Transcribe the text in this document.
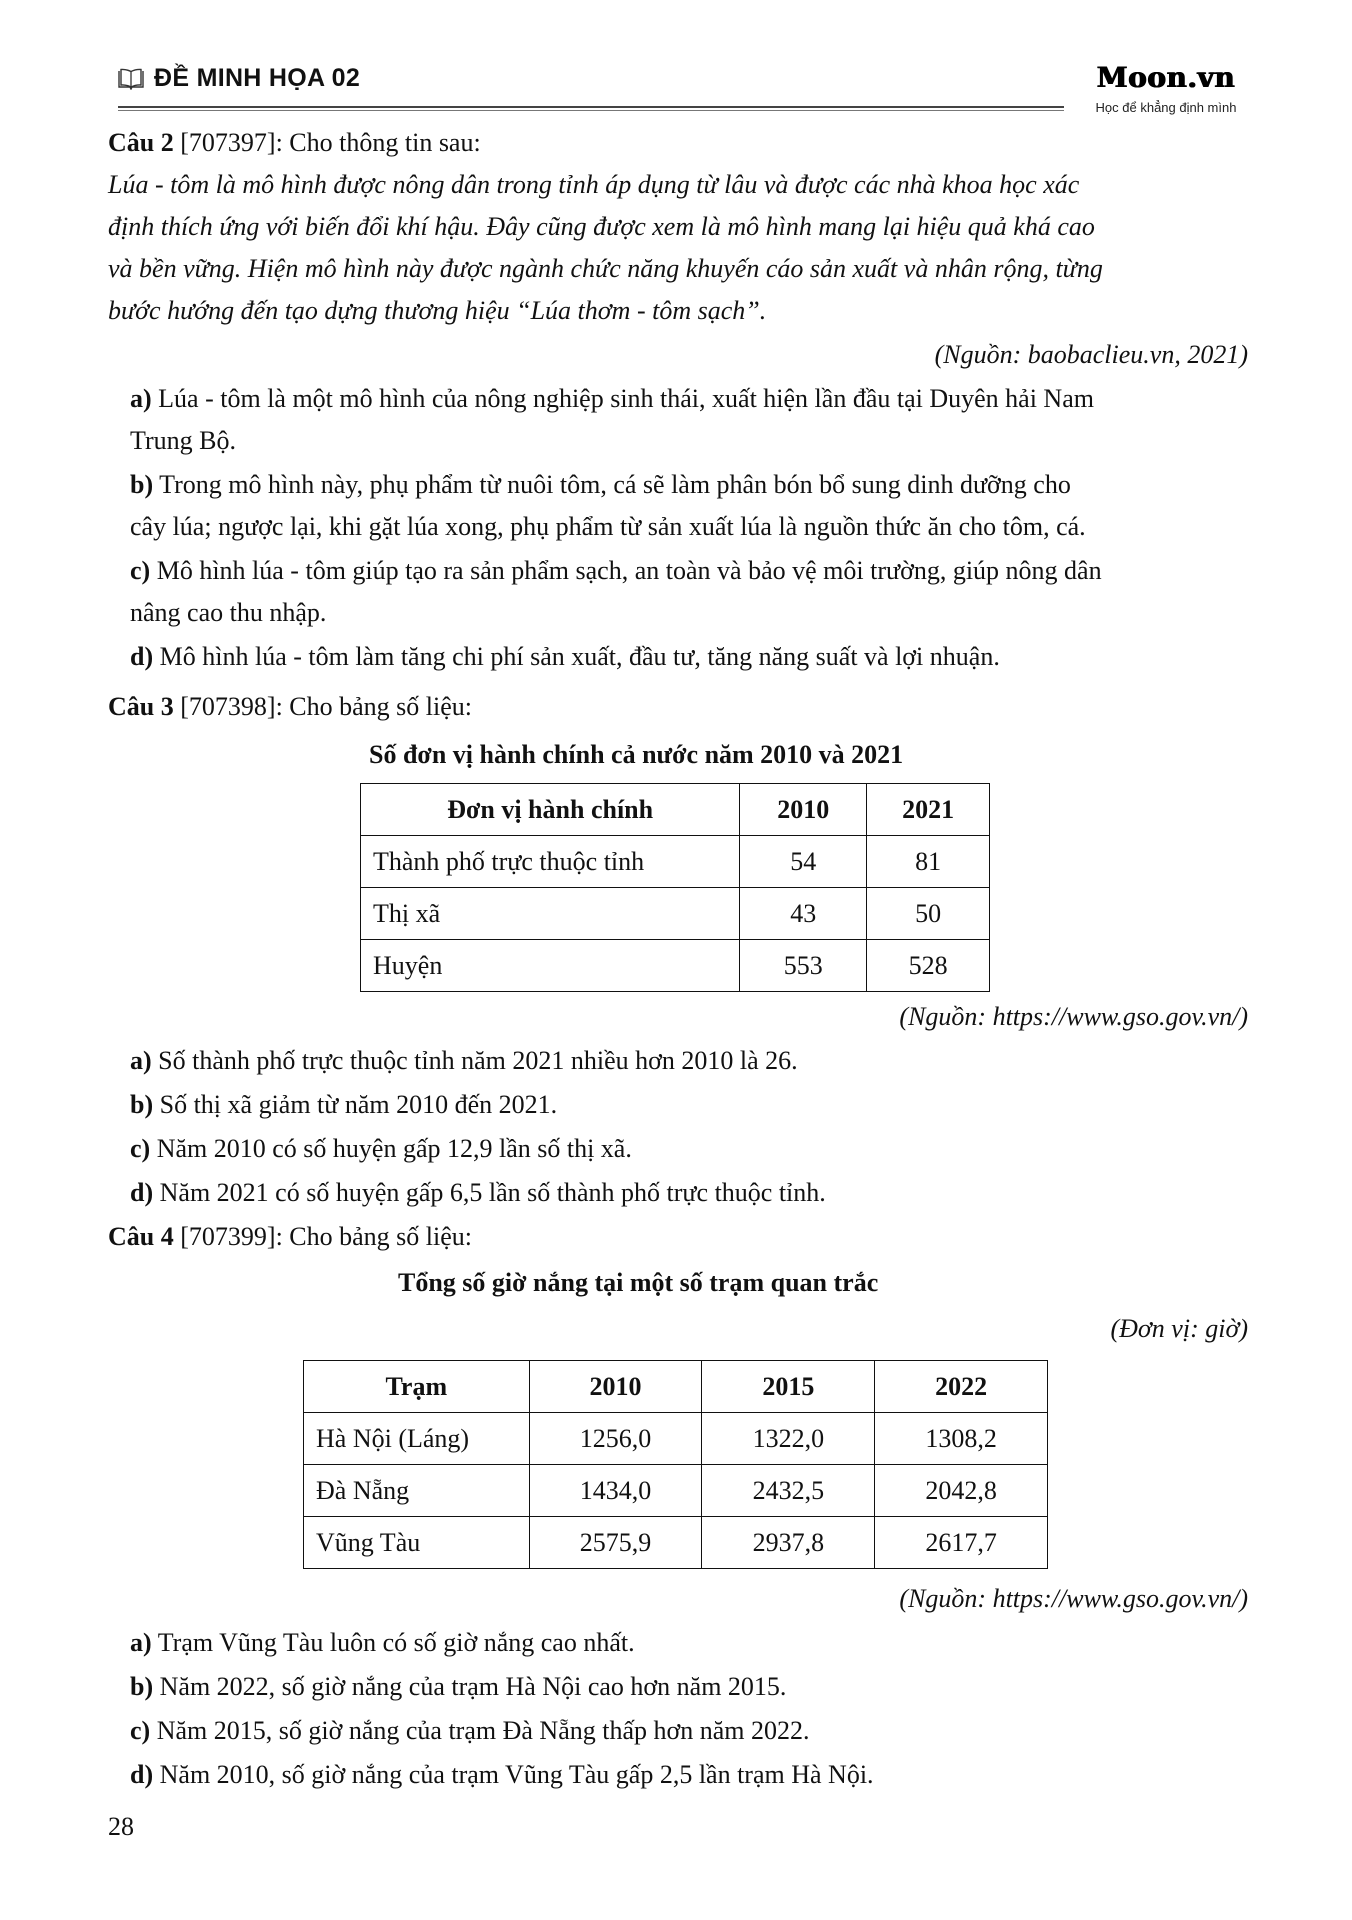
ĐỀ MINH HỌA 02	Moon.vn
Học để khẳng định mình
Câu 2 [707397]: Cho thông tin sau:
Lúa - tôm là mô hình được nông dân trong tỉnh áp dụng từ lâu và được các nhà khoa học xác
định thích ứng với biến đổi khí hậu. Đây cũng được xem là mô hình mang lại hiệu quả khá cao
và bền vững. Hiện mô hình này được ngành chức năng khuyến cáo sản xuất và nhân rộng, từng
bước hướng đến tạo dựng thương hiệu “Lúa thơm - tôm sạch”.
(Nguồn: baobaclieu.vn, 2021)
a) Lúa - tôm là một mô hình của nông nghiệp sinh thái, xuất hiện lần đầu tại Duyên hải Nam
Trung Bộ.
b) Trong mô hình này, phụ phẩm từ nuôi tôm, cá sẽ làm phân bón bổ sung dinh dưỡng cho
cây lúa; ngược lại, khi gặt lúa xong, phụ phẩm từ sản xuất lúa là nguồn thức ăn cho tôm, cá.
c) Mô hình lúa - tôm giúp tạo ra sản phẩm sạch, an toàn và bảo vệ môi trường, giúp nông dân
nâng cao thu nhập.
d) Mô hình lúa - tôm làm tăng chi phí sản xuất, đầu tư, tăng năng suất và lợi nhuận.
Câu 3 [707398]: Cho bảng số liệu:
Số đơn vị hành chính cả nước năm 2010 và 2021
Đơn vị hành chính	2010	2021
Thành phố trực thuộc tỉnh	54	81
Thị xã	43	50
Huyện	553	528
(Nguồn: https://www.gso.gov.vn/)
a) Số thành phố trực thuộc tỉnh năm 2021 nhiều hơn 2010 là 26.
b) Số thị xã giảm từ năm 2010 đến 2021.
c) Năm 2010 có số huyện gấp 12,9 lần số thị xã.
d) Năm 2021 có số huyện gấp 6,5 lần số thành phố trực thuộc tỉnh.
Câu 4 [707399]: Cho bảng số liệu:
Tổng số giờ nắng tại một số trạm quan trắc
(Đơn vị: giờ)
Trạm	2010	2015	2022
Hà Nội (Láng)	1256,0	1322,0	1308,2
Đà Nẵng	1434,0	2432,5	2042,8
Vũng Tàu	2575,9	2937,8	2617,7
(Nguồn: https://www.gso.gov.vn/)
a) Trạm Vũng Tàu luôn có số giờ nắng cao nhất.
b) Năm 2022, số giờ nắng của trạm Hà Nội cao hơn năm 2015.
c) Năm 2015, số giờ nắng của trạm Đà Nẵng thấp hơn năm 2022.
d) Năm 2010, số giờ nắng của trạm Vũng Tàu gấp 2,5 lần trạm Hà Nội.
28
